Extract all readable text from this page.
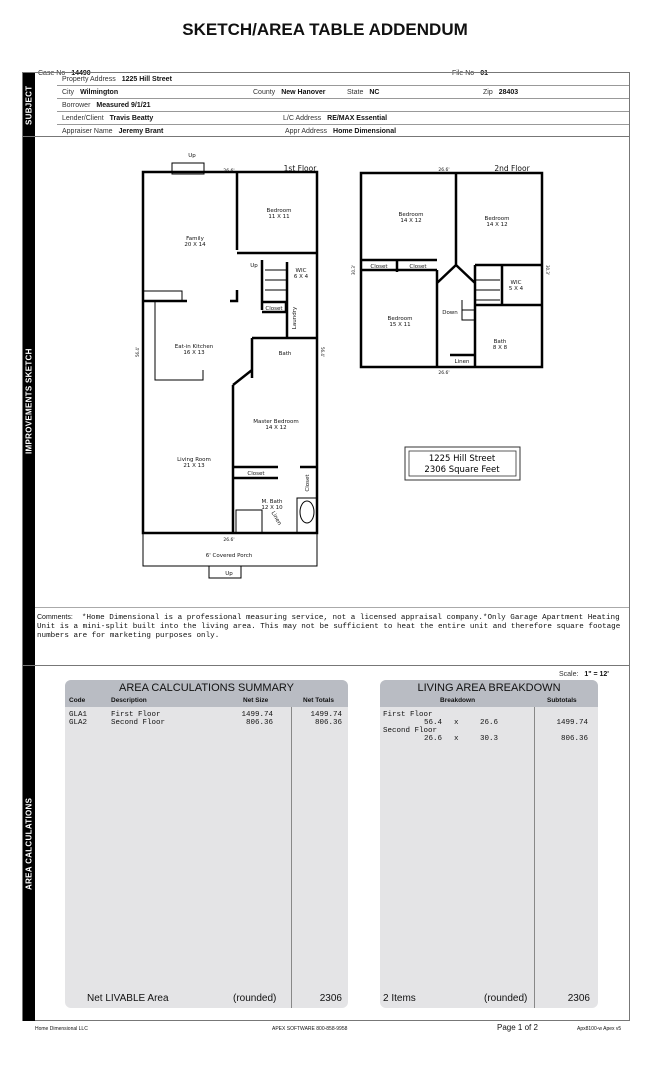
SKETCH/AREA TABLE ADDENDUM
Case No 14490	File No 01
SUBJECT
Property Address 1225 Hill Street
City Wilmington	County New Hanover	State NC	Zip 28403
Borrower Measured 9/1/21
Lender/Client Travis Beatty	L/C Address RE/MAX Essential
Appraiser Name Jeremy Brant	Appr Address Home Dimensional
IMPROVEMENTS SKETCH
Comments: *Home Dimensional is a professional measuring service, not a licensed appraisal company.*Only Garage Apartment Heating Unit is a mini-split built into the living area. This may not be sufficient to heat the entire unit and therefore square footage numbers are for marketing purposes only.
Up
26.6'	1st Floor
Family
20 X 14
Bedroom
11 X 11
Up
WIC
6 X 4
Closet Laundry
Eat-in Kitchen
16 X 13	Bath
56.4'	56.4'
Master Bedroom
14 X 12
Living Room
21 X 13
Closet
Closet
M. Bath
12 X 10
Linen
26.6'
6' Covered Porch
Up
26.6'	2nd Floor
Bedroom
14 X 12	Bedroom
14 X 12
Closet	Closet
WIC
5 X 4
30.3'	30.3'
Bedroom
15 X 11
Down
Bath
8 X 8
Linen
26.6'
1225 Hill Street
2306 Square Feet
AREA CALCULATIONS
Scale: 1" = 12'
AREA CALCULATIONS SUMMARY
Code	Description	Net Size	Net Totals
GLA1	First Floor	1499.74	1499.74
GLA2	Second Floor	806.36	806.36
Net LIVABLE Area	(rounded)	2306
LIVING AREA BREAKDOWN
Breakdown	Subtotals
First Floor
56.4 x	26.6	1499.74
Second Floor
26.6 x	30.3	806.36
2 Items	(rounded)	2306
Home Dimensional LLC	APEX SOFTWARE 800-858-9958	Page 1 of 2	Apx8100-w Apex v5
